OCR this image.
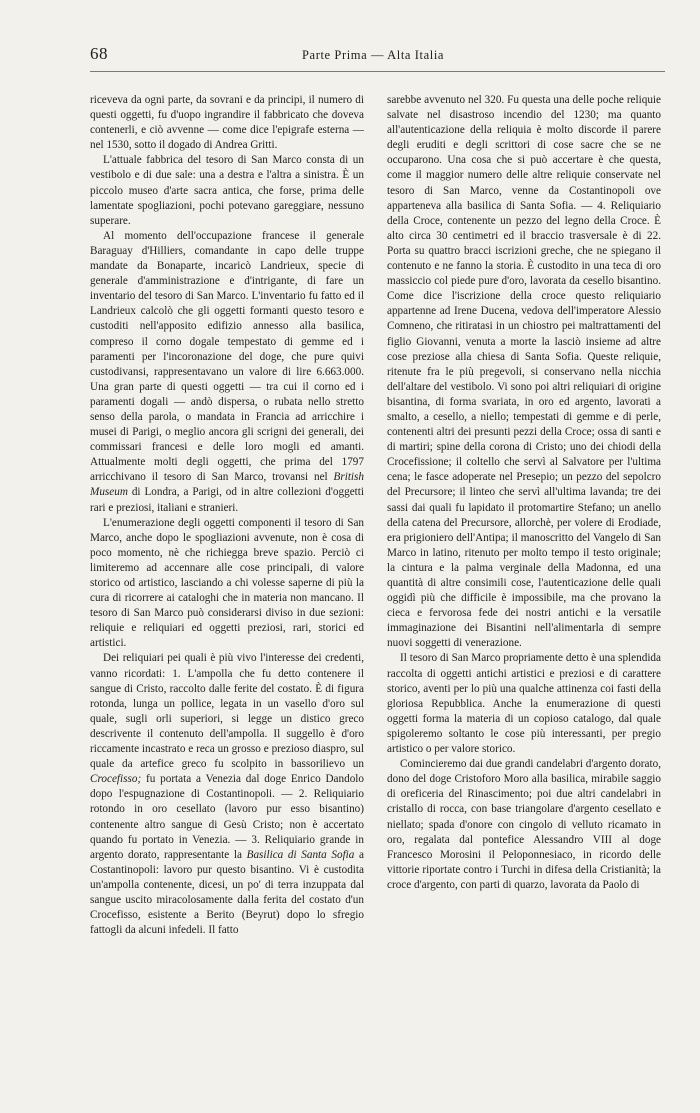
68	Parte Prima — Alta Italia

riceveva da ogni parte, da sovrani e da principi, il numero di questi oggetti, fu d'uopo ingrandire il fabbricato che doveva contenerli, e ciò avvenne — come dice l'epigrafe esterna — nel 1530, sotto il dogado di Andrea Gritti.

L'attuale fabbrica del tesoro di San Marco consta di un vestibolo e di due sale: una a destra e l'altra a sinistra. È un piccolo museo d'arte sacra antica, che forse, prima delle lamentate spogliazioni, pochi potevano gareggiare, nessuno superare.

Al momento dell'occupazione francese il generale Baraguay d'Hilliers, comandante in capo delle truppe mandate da Bonaparte, incaricò Landrieux, specie di generale d'amministrazione e d'intrigante, di fare un inventario del tesoro di San Marco. L'inventario fu fatto ed il Landrieux calcolò che gli oggetti formanti questo tesoro e custoditi nell'apposito edifizio annesso alla basilica, compreso il corno dogale tempestato di gemme ed i paramenti per l'incoronazione del doge, che pure quivi custodivansi, rappresentavano un valore di lire 6.663.000. Una gran parte di questi oggetti — tra cui il corno ed i paramenti dogali — andò dispersa, o rubata nello stretto senso della parola, o mandata in Francia ad arricchire i musei di Parigi, o meglio ancora gli scrigni dei generali, dei commissari francesi e delle loro mogli ed amanti. Attualmente molti degli oggetti, che prima del 1797 arricchivano il tesoro di San Marco, trovansi nel British Museum di Londra, a Parigi, od in altre collezioni d'oggetti rari e preziosi, italiani e stranieri.

L'enumerazione degli oggetti componenti il tesoro di San Marco, anche dopo le spogliazioni avvenute, non è cosa di poco momento, nè che richiegga breve spazio. Perciò ci limiteremo ad accennare alle cose principali, di valore storico od artistico, lasciando a chi volesse saperne di più la cura di ricorrere ai cataloghi che in materia non mancano. Il tesoro di San Marco può considerarsi diviso in due sezioni: reliquie e reliquiari ed oggetti preziosi, rari, storici ed artistici.

Dei reliquiari pei quali è più vivo l'interesse dei credenti, vanno ricordati: 1. L'ampolla che fu detto contenere il sangue di Cristo, raccolto dalle ferite del costato. È di figura rotonda, lunga un pollice, legata in un vasello d'oro sul quale, sugli orli superiori, si legge un distico greco descrivente il contenuto dell'ampolla. Il suggello è d'oro riccamente incastrato e reca un grosso e prezioso diaspro, sul quale da artefice greco fu scolpito in bassorilievo un Crocefisso; fu portata a Venezia dal doge Enrico Dandolo dopo l'espugnazione di Costantinopoli. — 2. Reliquiario rotondo in oro cesellato (lavoro pur esso bisantino) contenente altro sangue di Gesù Cristo; non è accertato quando fu portato in Venezia. — 3. Reliquiario grande in argento dorato, rappresentante la Basilica di Santa Sofia a Costantinopoli: lavoro pur questo bisantino. Vi è custodita un'ampolla contenente, dicesi, un po' di terra inzuppata dal sangue uscito miracolosamente dalla ferita del costato d'un Crocefisso, esistente a Berito (Beyrut) dopo lo sfregio fattogli da alcuni infedeli. Il fatto

sarebbe avvenuto nel 320. Fu questa una delle poche reliquie salvate nel disastroso incendio del 1230; ma quanto all'autenticazione della reliquia è molto discorde il parere degli eruditi e degli scrittori di cose sacre che se ne occuparono. Una cosa che si può accertare è che questa, come il maggior numero delle altre reliquie conservate nel tesoro di San Marco, venne da Costantinopoli ove apparteneva alla basilica di Santa Sofia. — 4. Reliquiario della Croce, contenente un pezzo del legno della Croce. È alto circa 30 centimetri ed il braccio trasversale è di 22. Porta su quattro bracci iscrizioni greche, che ne spiegano il contenuto e ne fanno la storia. È custodito in una teca di oro massiccio col piede pure d'oro, lavorata da cesello bisantino. Come dice l'iscrizione della croce questo reliquiario appartenne ad Irene Ducena, vedova dell'imperatore Alessio Comneno, che ritiratasi in un chiostro pei maltrattamenti del figlio Giovanni, venuta a morte la lasciò insieme ad altre cose preziose alla chiesa di Santa Sofia. Queste reliquie, ritenute fra le più pregevoli, si conservano nella nicchia dell'altare del vestibolo. Vi sono poi altri reliquiari di origine bisantina, di forma svariata, in oro ed argento, lavorati a smalto, a cesello, a niello; tempestati di gemme e di perle, contenenti altri dei presunti pezzi della Croce; ossa di santi e di martiri; spine della corona di Cristo; uno dei chiodi della Crocefissione; il coltello che servì al Salvatore per l'ultima cena; le fasce adoperate nel Presepio; un pezzo del sepolcro del Precursore; il linteo che servì all'ultima lavanda; tre dei sassi dai quali fu lapidato il protomartire Stefano; un anello della catena del Precursore, allorchè, per volere di Erodiade, era prigioniero dell'Antipa; il manoscritto del Vangelo di San Marco in latino, ritenuto per molto tempo il testo originale; la cintura e la palma verginale della Madonna, ed una quantità di altre consimili cose, l'autenticazione delle quali oggidì più che difficile è impossibile, ma che provano la cieca e fervorosa fede dei nostri antichi e la versatile immaginazione dei Bisantini nell'alimentarla di sempre nuovi soggetti di venerazione.

Il tesoro di San Marco propriamente detto è una splendida raccolta di oggetti antichi artistici e preziosi e di carattere storico, aventi per lo più una qualche attinenza coi fasti della gloriosa Repubblica. Anche la enumerazione di questi oggetti forma la materia di un copioso catalogo, dal quale spigoleremo soltanto le cose più interessanti, per pregio artistico o per valore storico.

Comincieremo dai due grandi candelabri d'argento dorato, dono del doge Cristoforo Moro alla basilica, mirabile saggio di oreficeria del Rinascimento; poi due altri candelabri in cristallo di rocca, con base triangolare d'argento cesellato e niellato; spada d'onore con cingolo di velluto ricamato in oro, regalata dal pontefice Alessandro VIII al doge Francesco Morosini il Peloponnesiaco, in ricordo delle vittorie riportate contro i Turchi in difesa della Cristianità; la croce d'argento, con parti di quarzo, lavorata da Paolo di
